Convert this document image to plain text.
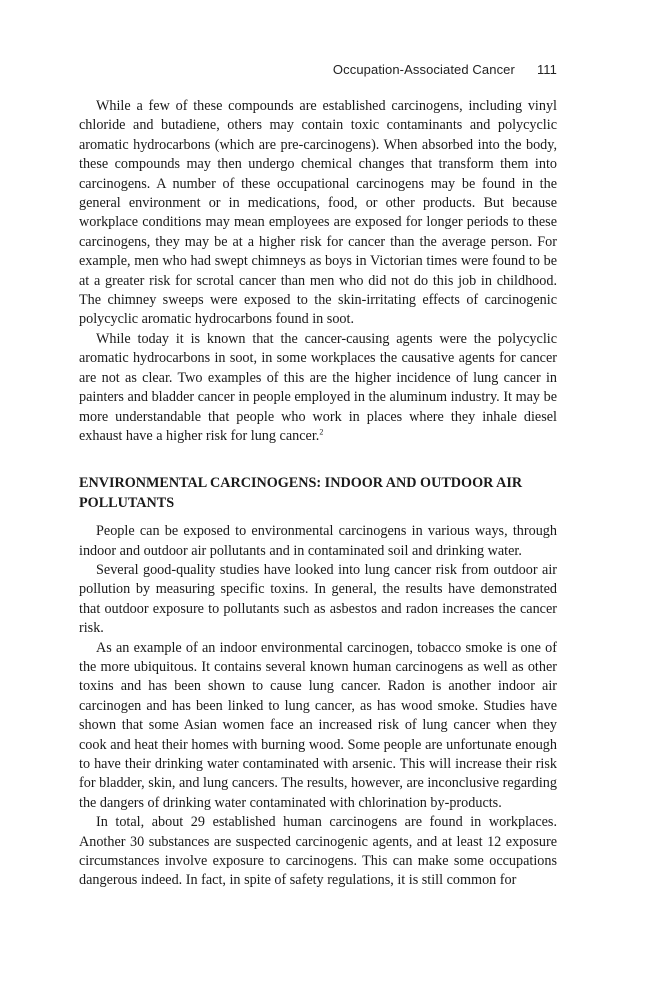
Occupation-Associated Cancer 111

While a few of these compounds are established carcinogens, including vinyl chloride and butadiene, others may contain toxic contaminants and polycyclic aromatic hydrocarbons (which are pre-carcinogens). When absorbed into the body, these compounds may then undergo chemical changes that transform them into carcinogens. A number of these occupational carcinogens may be found in the general environment or in medications, food, or other products. But because workplace conditions may mean employees are exposed for longer periods to these carcinogens, they may be at a higher risk for cancer than the average person. For example, men who had swept chimneys as boys in Victorian times were found to be at a greater risk for scrotal cancer than men who did not do this job in childhood. The chimney sweeps were exposed to the skin-irritating effects of carcinogenic polycyclic aromatic hydrocarbons found in soot.

While today it is known that the cancer-causing agents were the polycyclic aromatic hydrocarbons in soot, in some workplaces the causative agents for cancer are not as clear. Two examples of this are the higher incidence of lung cancer in painters and bladder cancer in people employed in the aluminum industry. It may be more understandable that people who work in places where they inhale diesel exhaust have a higher risk for lung cancer.$^2$

ENVIRONMENTAL CARCINOGENS: INDOOR AND OUTDOOR AIR POLLUTANTS

People can be exposed to environmental carcinogens in various ways, through indoor and outdoor air pollutants and in contaminated soil and drinking water.

Several good-quality studies have looked into lung cancer risk from outdoor air pollution by measuring specific toxins. In general, the results have demonstrated that outdoor exposure to pollutants such as asbestos and radon increases the cancer risk.

As an example of an indoor environmental carcinogen, tobacco smoke is one of the more ubiquitous. It contains several known human carcinogens as well as other toxins and has been shown to cause lung cancer. Radon is another indoor air carcinogen and has been linked to lung cancer, as has wood smoke. Studies have shown that some Asian women face an increased risk of lung cancer when they cook and heat their homes with burning wood. Some people are unfortunate enough to have their drinking water contaminated with arsenic. This will increase their risk for bladder, skin, and lung cancers. The results, however, are inconclusive regarding the dangers of drinking water contaminated with chlorination by-products.

In total, about 29 established human carcinogens are found in workplaces. Another 30 substances are suspected carcinogenic agents, and at least 12 exposure circumstances involve exposure to carcinogens. This can make some occupations dangerous indeed. In fact, in spite of safety regulations, it is still common for
